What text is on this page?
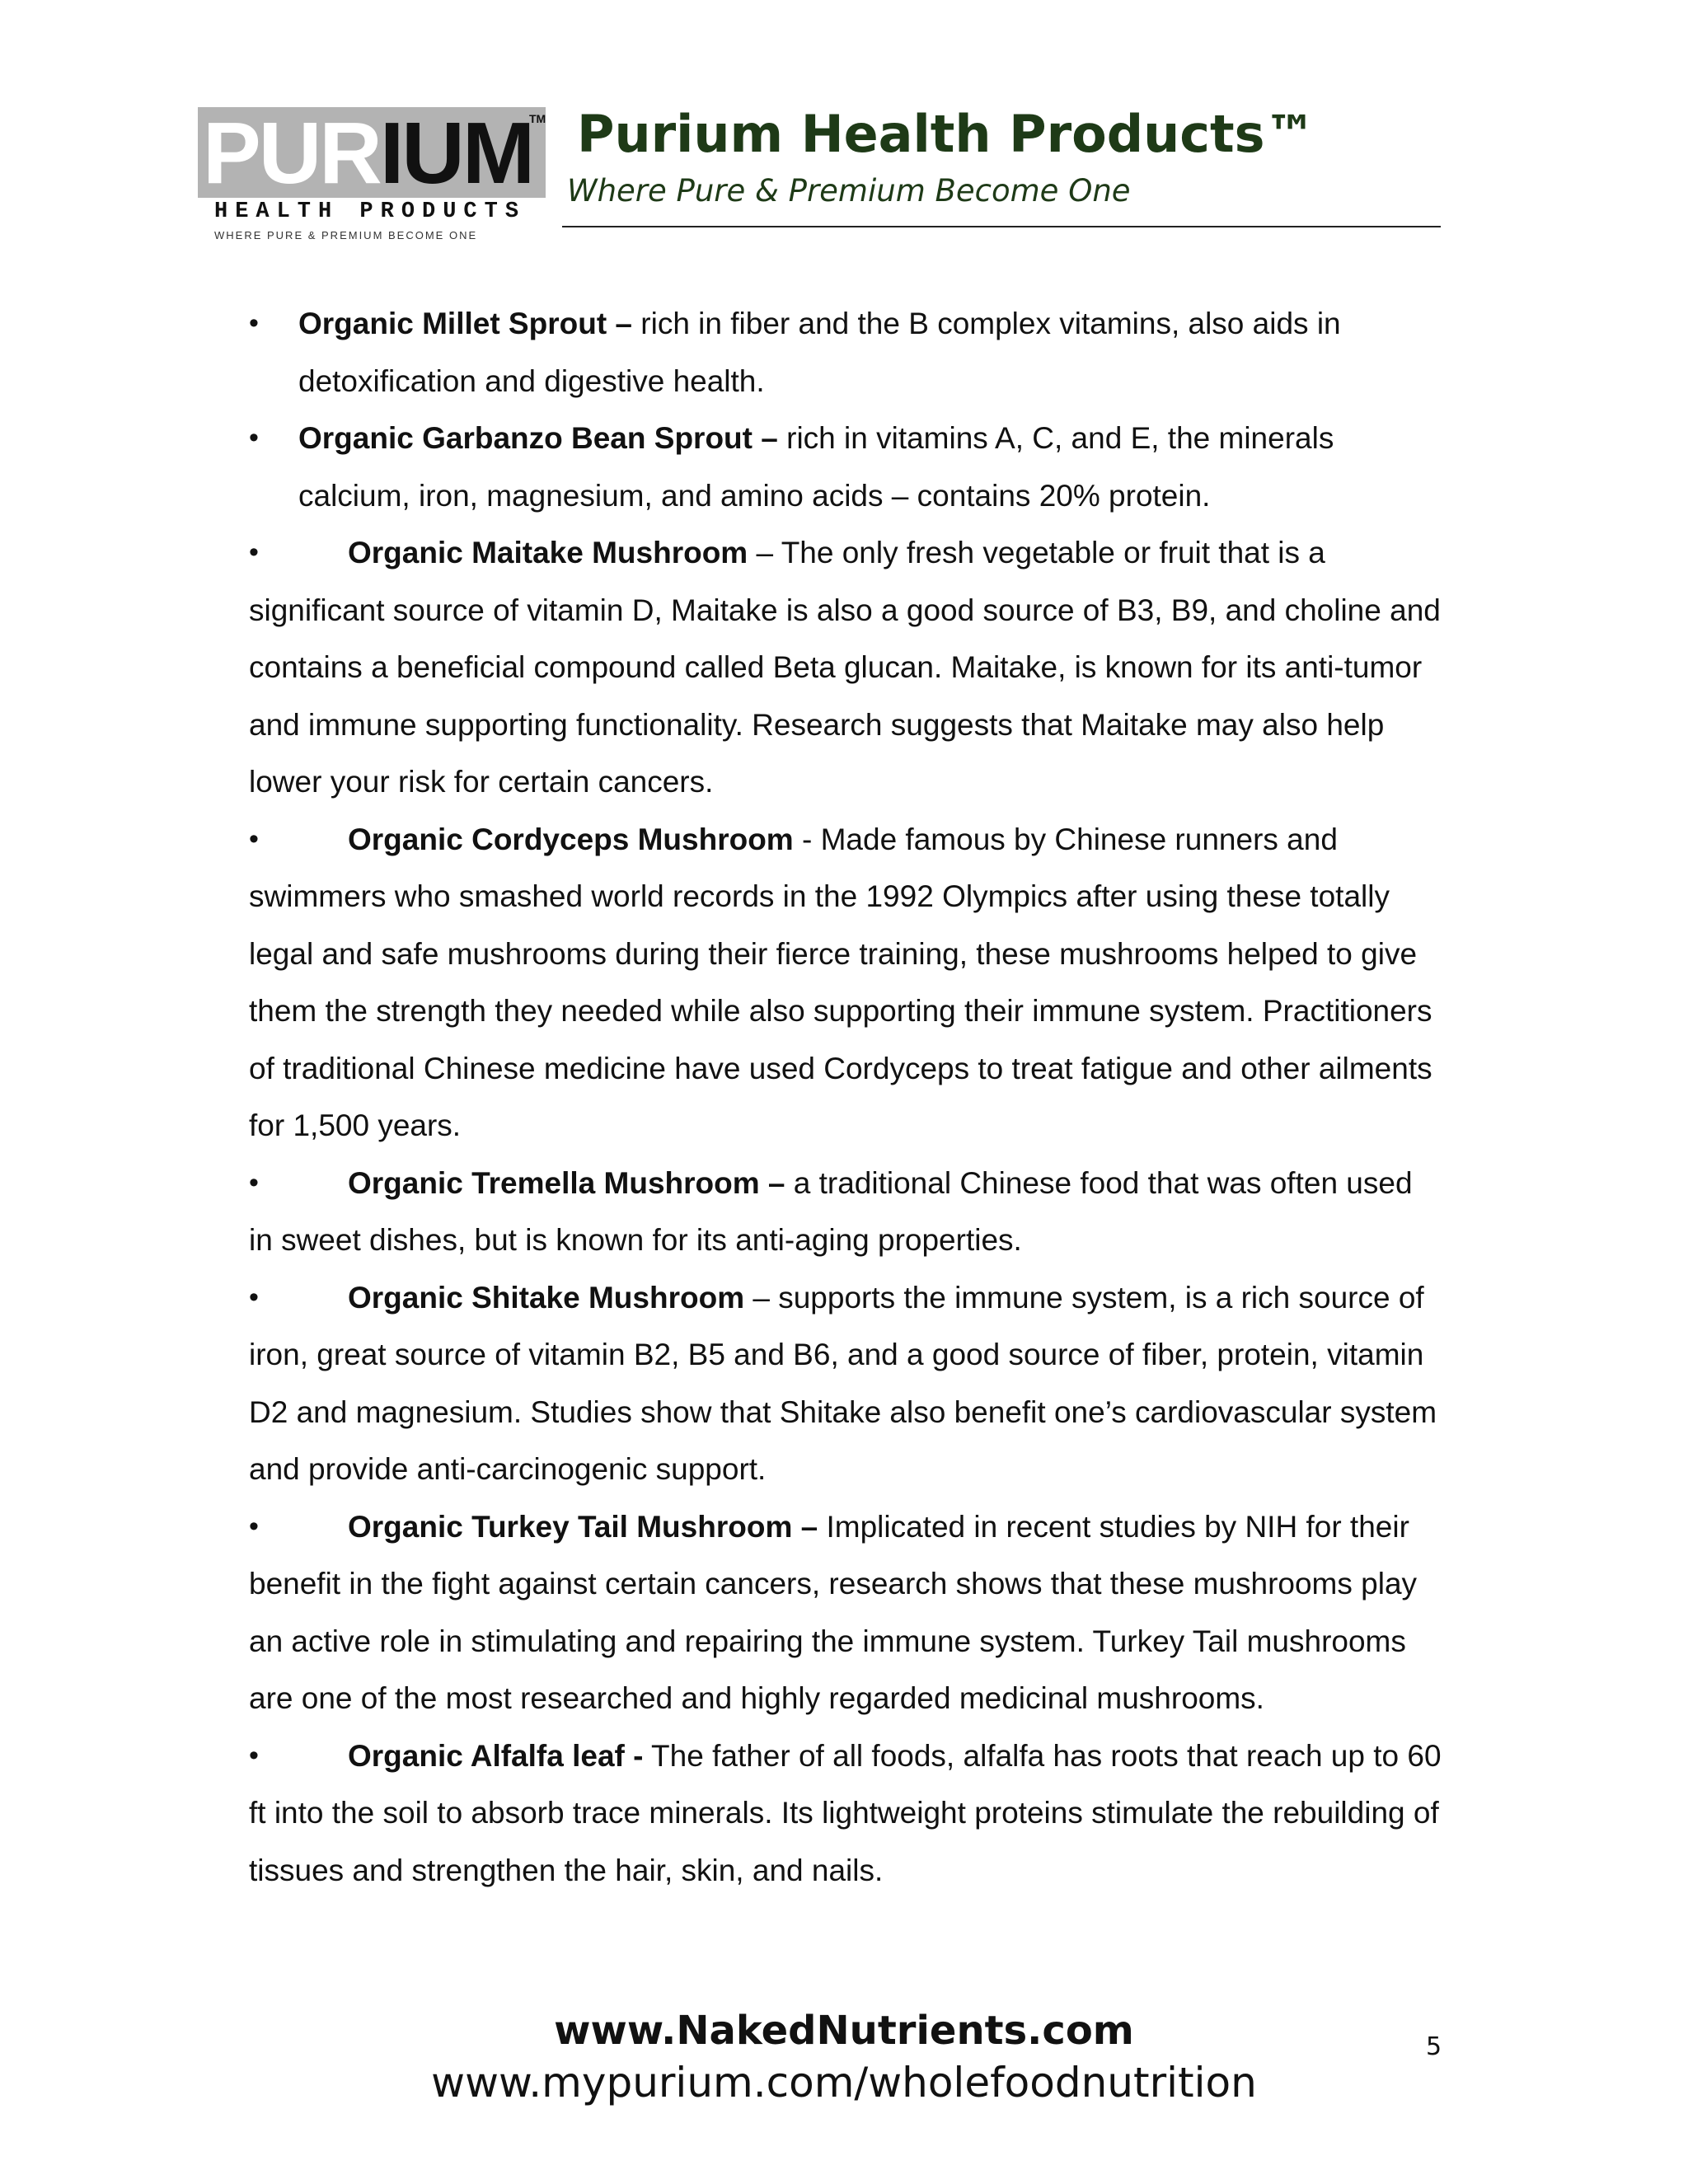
PURIUM
TM
HEALTH PRODUCTS
WHERE PURE & PREMIUM BECOME ONE
Purium Health Products™
Where Pure & Premium Become One

• Organic Millet Sprout – rich in fiber and the B complex vitamins, also aids in detoxification and digestive health.

• Organic Garbanzo Bean Sprout – rich in vitamins A, C, and E, the minerals calcium, iron, magnesium, and amino acids – contains 20% protein.

•	Organic Maitake Mushroom – The only fresh vegetable or fruit that is a significant source of vitamin D, Maitake is also a good source of B3, B9, and choline and contains a beneficial compound called Beta glucan. Maitake, is known for its anti-tumor and immune supporting functionality. Research suggests that Maitake may also help lower your risk for certain cancers.

•	Organic Cordyceps Mushroom - Made famous by Chinese runners and swimmers who smashed world records in the 1992 Olympics after using these totally legal and safe mushrooms during their fierce training, these mushrooms helped to give them the strength they needed while also supporting their immune system. Practitioners of traditional Chinese medicine have used Cordyceps to treat fatigue and other ailments for 1,500 years.

•	Organic Tremella Mushroom – a traditional Chinese food that was often used in sweet dishes, but is known for its anti-aging properties.

•	Organic Shitake Mushroom – supports the immune system, is a rich source of iron, great source of vitamin B2, B5 and B6, and a good source of fiber, protein, vitamin D2 and magnesium. Studies show that Shitake also benefit one’s cardiovascular system and provide anti-carcinogenic support.

•	Organic Turkey Tail Mushroom – Implicated in recent studies by NIH for their benefit in the fight against certain cancers, research shows that these mushrooms play an active role in stimulating and repairing the immune system. Turkey Tail mushrooms are one of the most researched and highly regarded medicinal mushrooms.

•	Organic Alfalfa leaf - The father of all foods, alfalfa has roots that reach up to 60 ft into the soil to absorb trace minerals. Its lightweight proteins stimulate the rebuilding of tissues and strengthen the hair, skin, and nails.

www.NakedNutrients.com
www.mypurium.com/wholefoodnutrition
5
